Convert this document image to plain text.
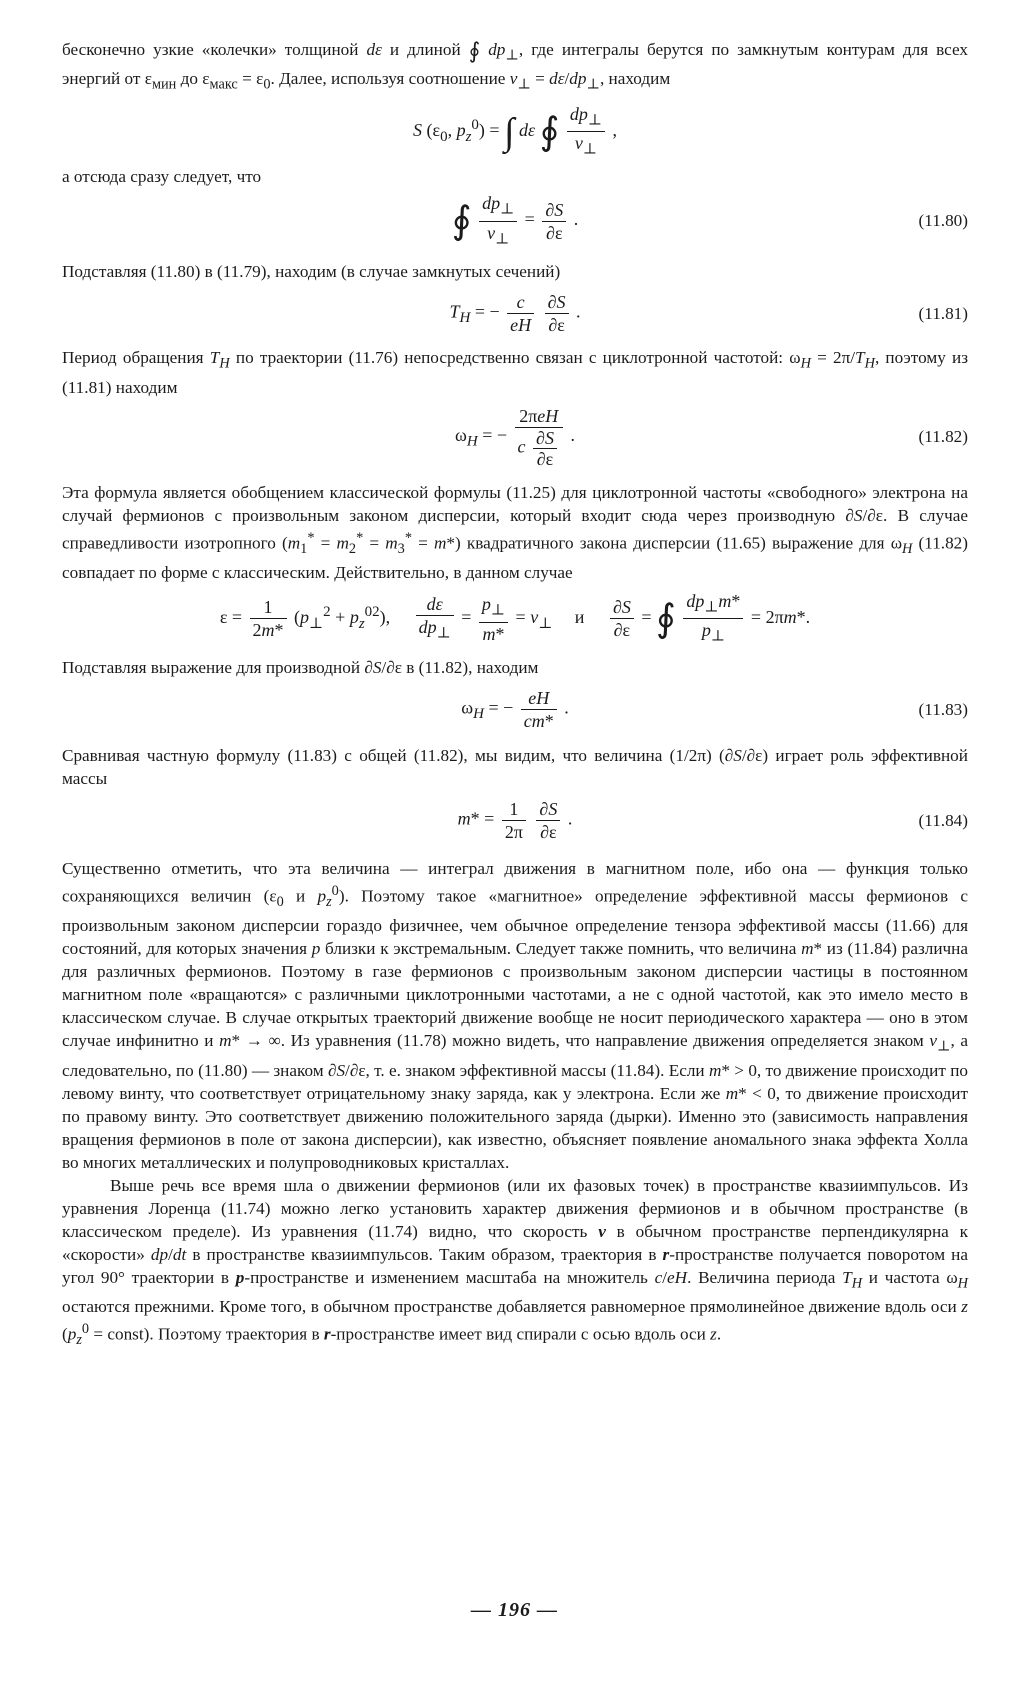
бесконечно узкие «колечки» толщиной dε и длиной ∮ $dp_\perp$, где интегралы берутся по замкнутым контурам для всех энергий от $\varepsilon_{мин}$ до $\varepsilon_{макс} = \varepsilon_0$. Далее, используя соотношение $v_\perp = d\varepsilon/dp_\perp$, находим

S ($\varepsilon_0$, $p_z^0$) = ∫ dε ∮ $\frac{dp_\perp}{v_\perp}$ ,

а отсюда сразу следует, что

∮ $\frac{dp_\perp}{v_\perp} = \frac{\partial S}{\partial\varepsilon}$ .	(11.80)

Подставляя (11.80) в (11.79), находим (в случае замкнутых сечений)

$T_H$ = − $\frac{c}{eH}$
$\frac{\partial S}{\partial\varepsilon}$ .	(11.81)

Период обращения $T_H$ по траектории (11.76) непосредственно связан с циклотронной частотой: $\omega_H = 2\pi/T_H$, поэтому из (11.81) находим

$\omega_H$ = − $\frac{\text{2πeH}}{c \frac{\partial S}{\partial\varepsilon}}$ .	(11.82)

Эта формула является обобщением классической формулы (11.25) для циклотронной частоты «свободного» электрона на случай фермионов с произвольным законом дисперсии, который входит сюда через производную ∂S/∂ε. В случае справедливости изотропного $(m_1^* = m_2^* = m_3^* = m*)$ квадратичного закона дисперсии (11.65) выражение для $\omega_H$ (11.82) совпадает по форме с классическим. Действительно, в данном случае

$\varepsilon = \frac{1}{2m*} (p_\perp^2 + p_z^{02})$, $\frac{d\varepsilon}{dp_\perp} = \frac{p_\perp}{m*} = v_\perp$     и $\frac{\partial S}{\partial\varepsilon}$ = ∮ $\frac{dp_\perp m*}{p_\perp} = 2\pi m*$.

Подставляя выражение для производной ∂S/∂ε в (11.82), находим

$\omega_H$ = − $\frac{eH}{cm*}$ .	(11.83)

Сравнивая частную формулу (11.83) с общей (11.82), мы видим, что величина (1/2π) (∂S/∂ε) играет роль эффективной массы

$m* = \frac{1}{2\pi}$
$\frac{\partial S}{\partial\varepsilon}$ .	(11.84)

Существенно отметить, что эта величина — интеграл движения в магнитном поле, ибо она — функция только сохраняющихся величин ($\varepsilon_0$ и $p_z^0$). Поэтому такое «магнитное» определение эффективной массы фермионов с произвольным законом дисперсии гораздо физичнее, чем обычное определение тензора эффективой массы (11.66) для состояний, для которых значения p близки к экстремальным. Следует также помнить, что величина m* из (11.84) различна для различных фермионов. Поэтому в газе фермионов с произвольным законом дисперсии частицы в постоянном магнитном поле «вращаются» с различными циклотронными частотами, а не с одной частотой, как это имело место в классическом случае. В случае открытых траекторий движение вообще не носит периодического характера — оно в этом случае инфинитно и m* → ∞. Из уравнения (11.78) можно видеть, что направление движения определяется знаком $v_\perp$, а следовательно, по (11.80) — знаком ∂S/∂ε, т. е. знаком эффективной массы (11.84). Если m* > 0, то движение происходит по левому винту, что соответствует отрицательному знаку заряда, как у электрона. Если же m* < 0, то движение происходит по правому винту. Это соответствует движению положительного заряда (дырки). Именно это (зависимость направления вращения фермионов в поле от закона дисперсии), как известно, объясняет появление аномального знака эффекта Холла во многих металлических и полупроводниковых кристаллах.

Выше речь все время шла о движении фермионов (или их фазовых точек) в пространстве квазиимпульсов. Из уравнения Лоренца (11.74) можно легко установить характер движения фермионов и в обычном пространстве (в классическом пределе). Из уравнения (11.74) видно, что скорость v в обычном пространстве перпендикулярна к «скорости» dp/dt в пространстве квазиимпульсов. Таким образом, траектория в r-пространстве получается поворотом на угол 90° траектории в p-пространстве и изменением масштаба на множитель c/eH. Величина периода $T_H$ и частота $\omega_H$ остаются прежними. Кроме того, в обычном пространстве добавляется равномерное прямолинейное движение вдоль оси z ($p_z^0$ = const). Поэтому траектория в r-пространстве имеет вид спирали с осью вдоль оси z.

— 196 —
